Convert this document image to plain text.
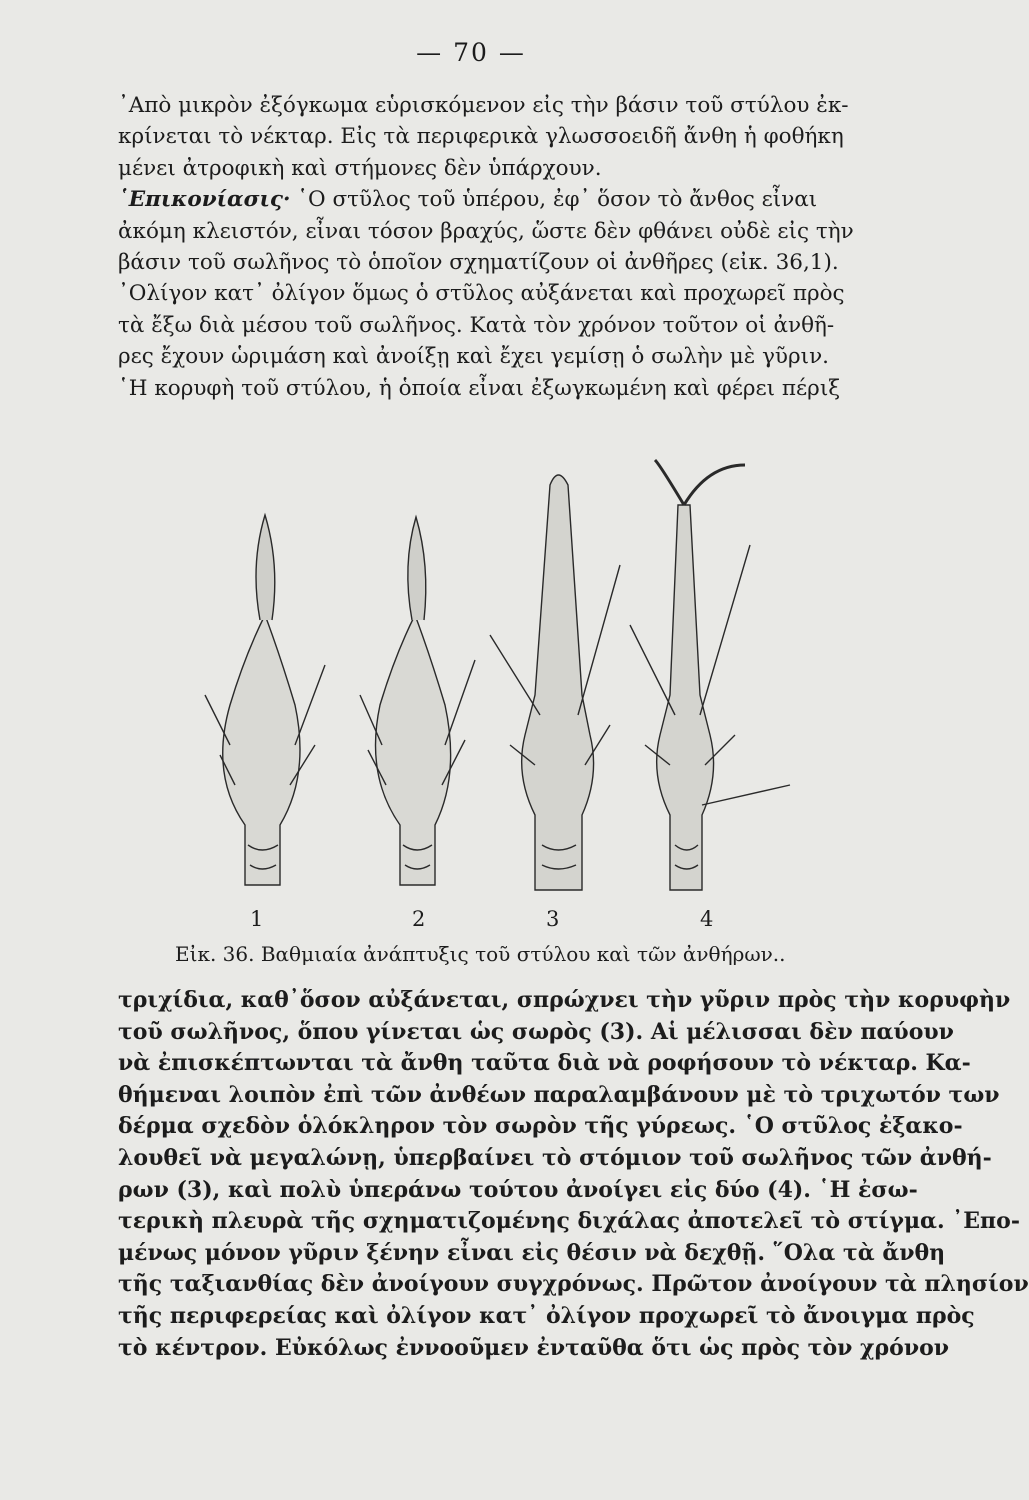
— 70 —
᾿Απὸ μικρὸν ἐξόγκωμα εὑρισκόμενον εἰς τὴν βάσιν τοῦ στύλου ἐκ-
κρίνεται τὸ νέκταρ. Εἰς τὰ περιφερικὰ γλωσσοειδῆ ἄνθη ἡ φοθήκη
μένει ἀτροφικὴ καὶ στήμονες δὲν ὑπάρχουν.
῾Επικονίασις· ῾Ο στῦλος τοῦ ὑπέρου, ἐφ᾿ ὅσον τὸ ἄνθος εἶναι
ἀκόμη κλειστόν, εἶναι τόσον βραχύς, ὥστε δὲν φθάνει οὐδὲ εἰς τὴν
βάσιν τοῦ σωλῆνος τὸ ὁποῖον σχηματίζουν οἱ ἀνθῆρες (εἰκ. 36,1).
᾿Ολίγον κατ᾿ ὀλίγον ὅμως ὁ στῦλος αὐξάνεται καὶ προχωρεῖ πρὸς
τὰ ἔξω διὰ μέσου τοῦ σωλῆνος. Κατὰ τὸν χρόνον τοῦτον οἱ ἀνθῆ-
ρες ἔχουν ὡριμάση καὶ ἀνοίξῃ καὶ ἔχει γεμίσῃ ὁ σωλὴν μὲ γῦριν.
῾Η κορυφὴ τοῦ στύλου, ἡ ὁποία εἶναι ἐξωγκωμένη καὶ φέρει πέριξ
1	2	3	4
Εἰκ. 36. Βαθμιαία ἀνάπτυξις τοῦ στύλου καὶ τῶν ἀνθήρων..
τριχίδια, καθ᾿ὅσον αὐξάνεται, σπρώχνει τὴν γῦριν πρὸς τὴν κορυφὴν
τοῦ σωλῆνος, ὅπου γίνεται ὡς σωρὸς (3). Αἱ μέλισσαι δὲν παύουν
νὰ ἐπισκέπτωνται τὰ ἄνθη ταῦτα διὰ νὰ ροφήσουν τὸ νέκταρ. Κα-
θήμεναι λοιπὸν ἐπὶ τῶν ἀνθέων παραλαμβάνουν μὲ τὸ τριχωτόν των
δέρμα σχεδὸν ὁλόκληρον τὸν σωρὸν τῆς γύρεως. ῾Ο στῦλος ἐξακο-
λουθεῖ νὰ μεγαλώνῃ, ὑπερβαίνει τὸ στόμιον τοῦ σωλῆνος τῶν ἀνθή-
ρων (3), καὶ πολὺ ὑπεράνω τούτου ἀνοίγει εἰς δύο (4). ῾Η ἐσω-
τερικὴ πλευρὰ τῆς σχηματιζομένης διχάλας ἀποτελεῖ τὸ στίγμα. ᾿Επο-
μένως μόνον γῦριν ξένην εἶναι εἰς θέσιν νὰ δεχθῇ. ῞Ολα τὰ ἄνθη
τῆς ταξιανθίας δὲν ἀνοίγουν συγχρόνως. Πρῶτον ἀνοίγουν τὰ πλησίον
τῆς περιφερείας καὶ ὀλίγον κατ᾿ ὀλίγον προχωρεῖ τὸ ἄνοιγμα πρὸς
τὸ κέντρον. Εὐκόλως ἐννοοῦμεν ἐνταῦθα ὅτι ὡς πρὸς τὸν χρόνον
